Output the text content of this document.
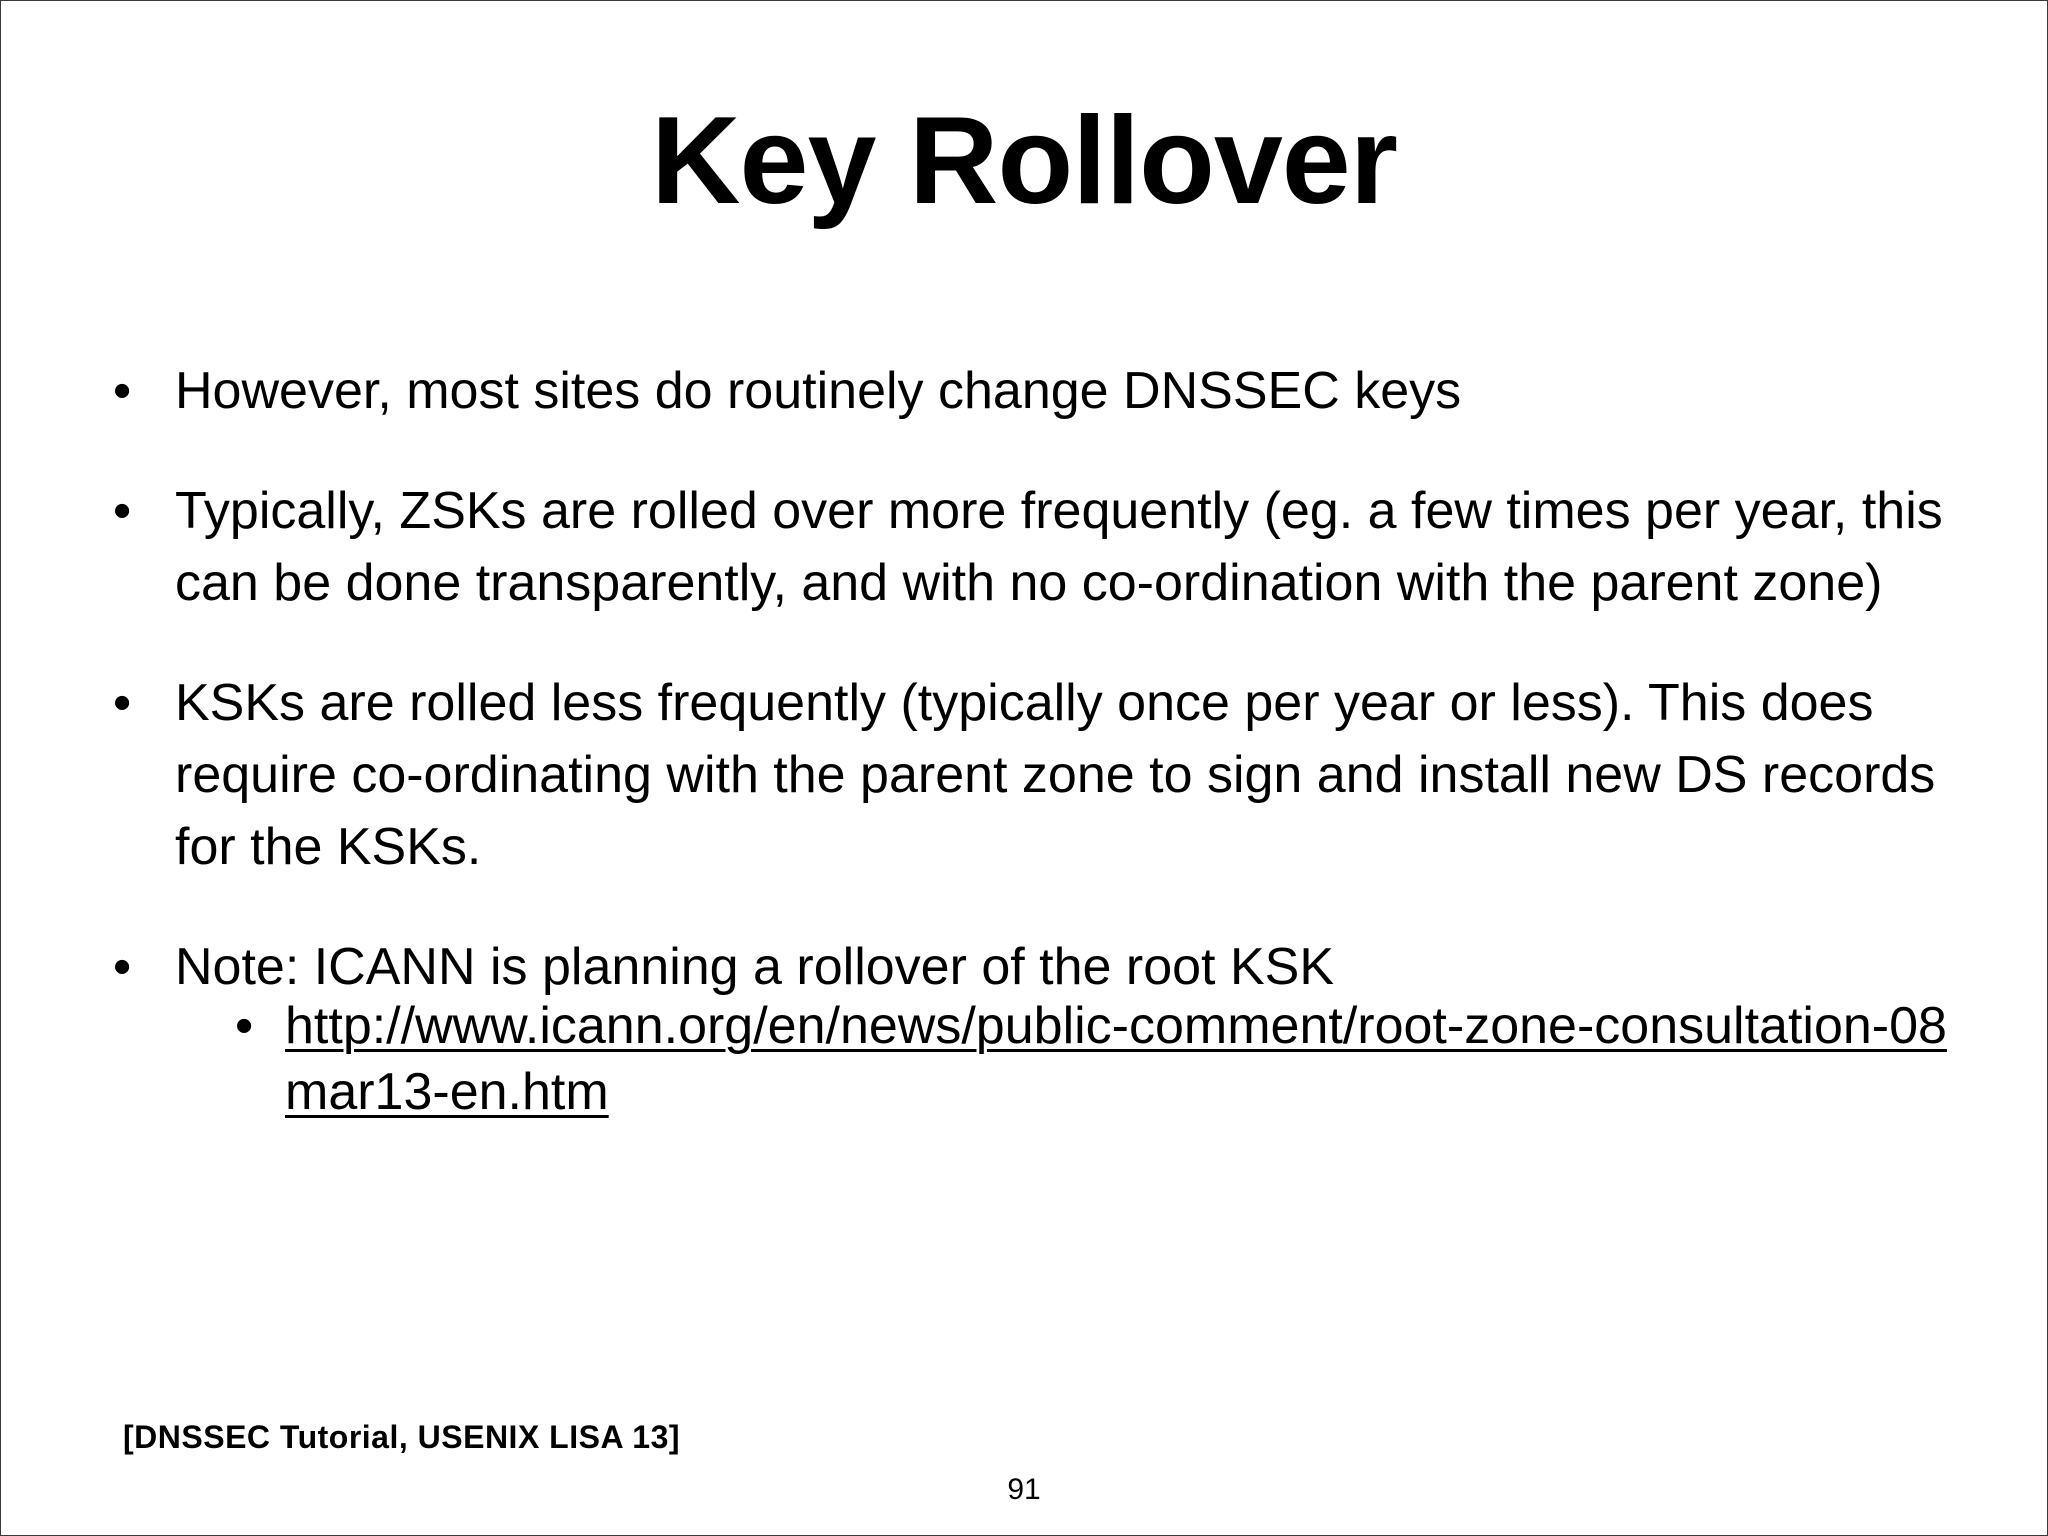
Key Rollover
• However, most sites do routinely change DNSSEC keys
• Typically, ZSKs are rolled over more frequently (eg. a few times per year, this can be done transparently, and with no co-ordination with the parent zone)
• KSKs are rolled less frequently (typically once per year or less). This does require co-ordinating with the parent zone to sign and install new DS records for the KSKs.
• Note: ICANN is planning a rollover of the root KSK
• http://www.icann.org/en/news/public-comment/root-zone-consultation-08mar13-en.htm
[DNSSEC Tutorial, USENIX LISA 13]
91
